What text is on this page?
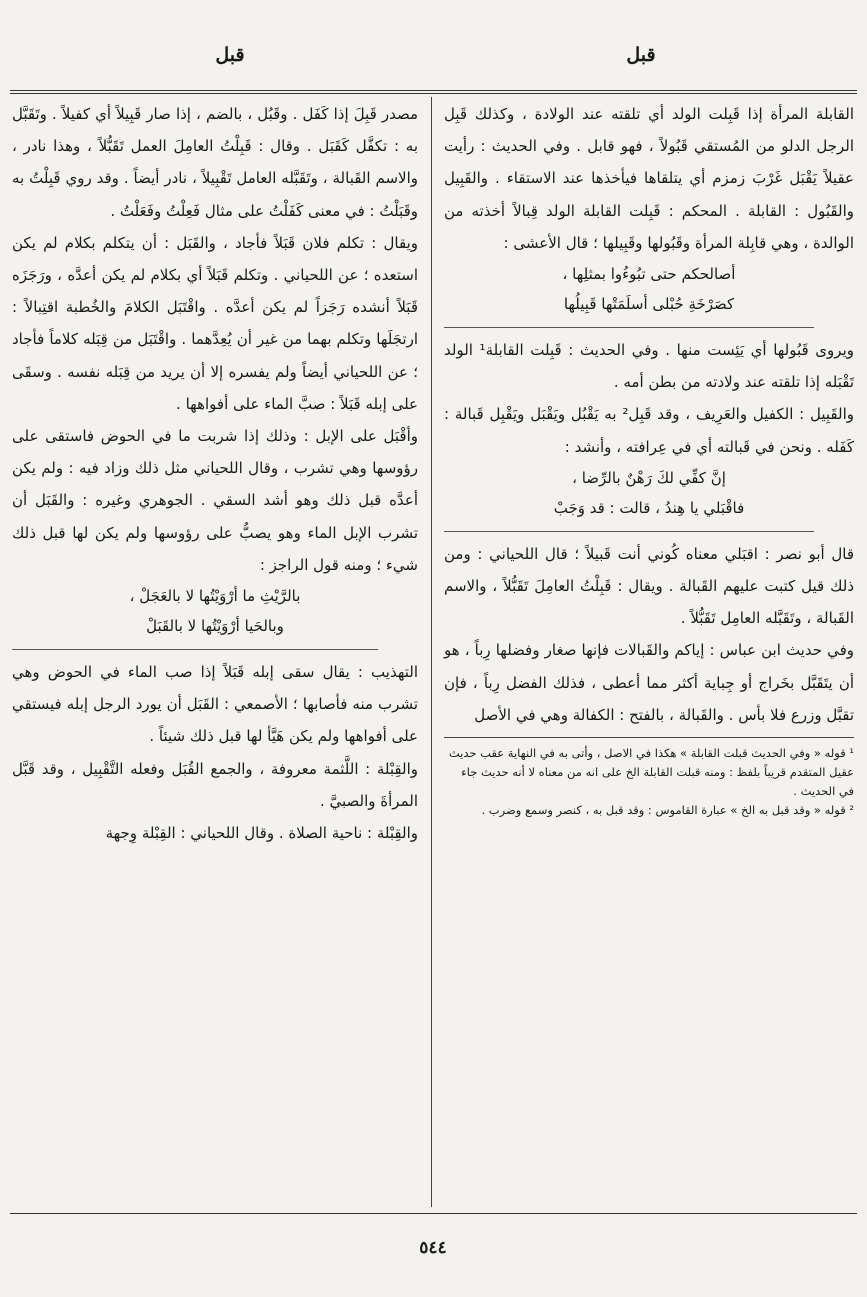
قبل
قبل

القابلة المرأة إذا قَبِلت الولد أي تلقته عند الولادة ، وكذلك قَبِل الرجل الدلو من المُستقي قَبُولاً ، فهو قابل . وفي الحديث : رأيت عقيلاً يَقْبَل غَرْبَ زمزم أي يتلقاها فيأخذها عند الاستقاء . والقَبِيل والقَبُول : القابلة . المحكم : قَبِلت القابلة الولد قِبالاً أخذته من الوالدة ، وهي قابِلة المرأة وقَبُولها وقَبِيلها ؛ قال الأعشى :

أصالحكم حتى تبُوءُوا بمثلِها ،

كصَرْخَةِ حُبْلى أسلَمَتْها قَبِيلُها

ويروى قَبُولها أي يَئِست منها . وفي الحديث : قَبِلت القابلة¹ الولد تَقْبَله إذا تلقته عند ولادته من بطن أمه .

والقَبِيل : الكفيل والعَرِيف ، وقد قَبِل² به يَقْبُل ويَقْبَل ويَقْبِل قَبالة : كَفَله . ونحن في قَبالته أي في عِرافته ، وأنشد :

إنَّ كفِّي لكَ رَهْنٌ بالرِّضا ،

فاقْبَلي يا هِندُ ، قالت : قد وَجَبْ

قال أبو نصر : اقبَلي معناه كُوني أنت قَبيلاً ؛ قال اللحياني : ومن ذلك قيل كتبت عليهم القَبالة . ويقال : قَبِلْتُ العامِلَ تَقَبُّلاً ، والاسم القَبالة ، وتَقَبَّله العامِل تَقَبُّلاً .

وفي حديث ابن عباس : إياكم والقَبالات فإنها صغار وفضلها رِباً ، هو أن يتَقَبَّل بخَراج أو جِباية أكثر مما أعطى ، فذلك الفضل رِباً ، فإن تقبَّل وزرع فلا بأس . والقَبالة ، بالفتح : الكفالة وهي في الأصل

¹ قوله « وفي الحديث قبلت القابلة » هكذا في الاصل ، وأتى به في النهاية عقب حديث عقيل المتقدم قريباً بلفظ : ومنه قبلت القابلة الخ على انه من معناه لا أنه حديث جاء في الحديث .

² قوله « وقد قبل به الخ » عبارة القاموس : وقد قبل به ، كنصر وسمع وضرب .

مصدر قَبِلَ إذا كَفَل . وقَبُل ، بالضم ، إذا صار قَبِيلاً أي كفيلاً . وتَقَبَّل به : تكفَّل كَقَبَل . وقال : قَبِلْتُ العامِلَ العمل تَقَبُّلاً ، وهذا نادر ، والاسم القَبالة ، وتَقَبَّله العامل تَقْبِيلاً ، نادر أيضاً . وقد روي قَبِلْتُ به وقَبَلْتُ : في معنى كَفَلْتُ على مثال فَعِلْتُ وفَعَلْتُ .

ويقال : تكلم فلان قَبَلاً فأجاد ، والقَبَل : أن يتكلم بكلام لم يكن استعده ؛ عن اللحياني . وتكلم قَبَلاً أي بكلام لم يكن أعدَّه ، ورَجَزَه قَبَلاً أنشده رَجَزاً لم يكن أعدَّه . واقْتَبَل الكلامَ والخُطبة اقتِبالاً : ارتجَلَها وتكلم بهما من غير أن يُعِدَّهما . واقْتَبَل من قِبَله كلاماً فأجاد ؛ عن اللحياني أيضاً ولم يفسره إلا أن يريد من قِبَله نفسه . وسقَى على إبله قَبَلاً : صبَّ الماء على أفواهها .

وأقْبَل على الإبل : وذلك إذا شربت ما في الحوض فاستقى على رؤوسها وهي تشرب ، وقال اللحياني مثل ذلك وزاد فيه : ولم يكن أعدَّه قبل ذلك وهو أشد السقي . الجوهري وغيره : والقَبَل أن تشرب الإبل الماء وهو يصبُّ على رؤوسها ولم يكن لها قبل ذلك شيء ؛ ومنه قول الراجز :

بالرَّيْثِ ما أرْوَيْتُها لا بالعَجَلْ ،

وبالحَيا أرْوَيْتُها لا بالقَبَلْ

التهذيب : يقال سقى إبله قَبَلاً إذا صب الماء في الحوض وهي تشرب منه فأصابها ؛ الأصمعي : القَبَل أن يورد الرجل إبله فيستقي على أفواهها ولم يكن هَيَّأ لها قبل ذلك شيئاً .

والقِبْلة : اللَّثمة معروفة ، والجمع القُبَل وفعله التَّقْبِيل ، وقد قَبَّل المرأةَ والصبيَّ .

والقِبْلة : ناحية الصلاة . وقال اللحياني : القِبْلة وِجهة

٥٤٤
